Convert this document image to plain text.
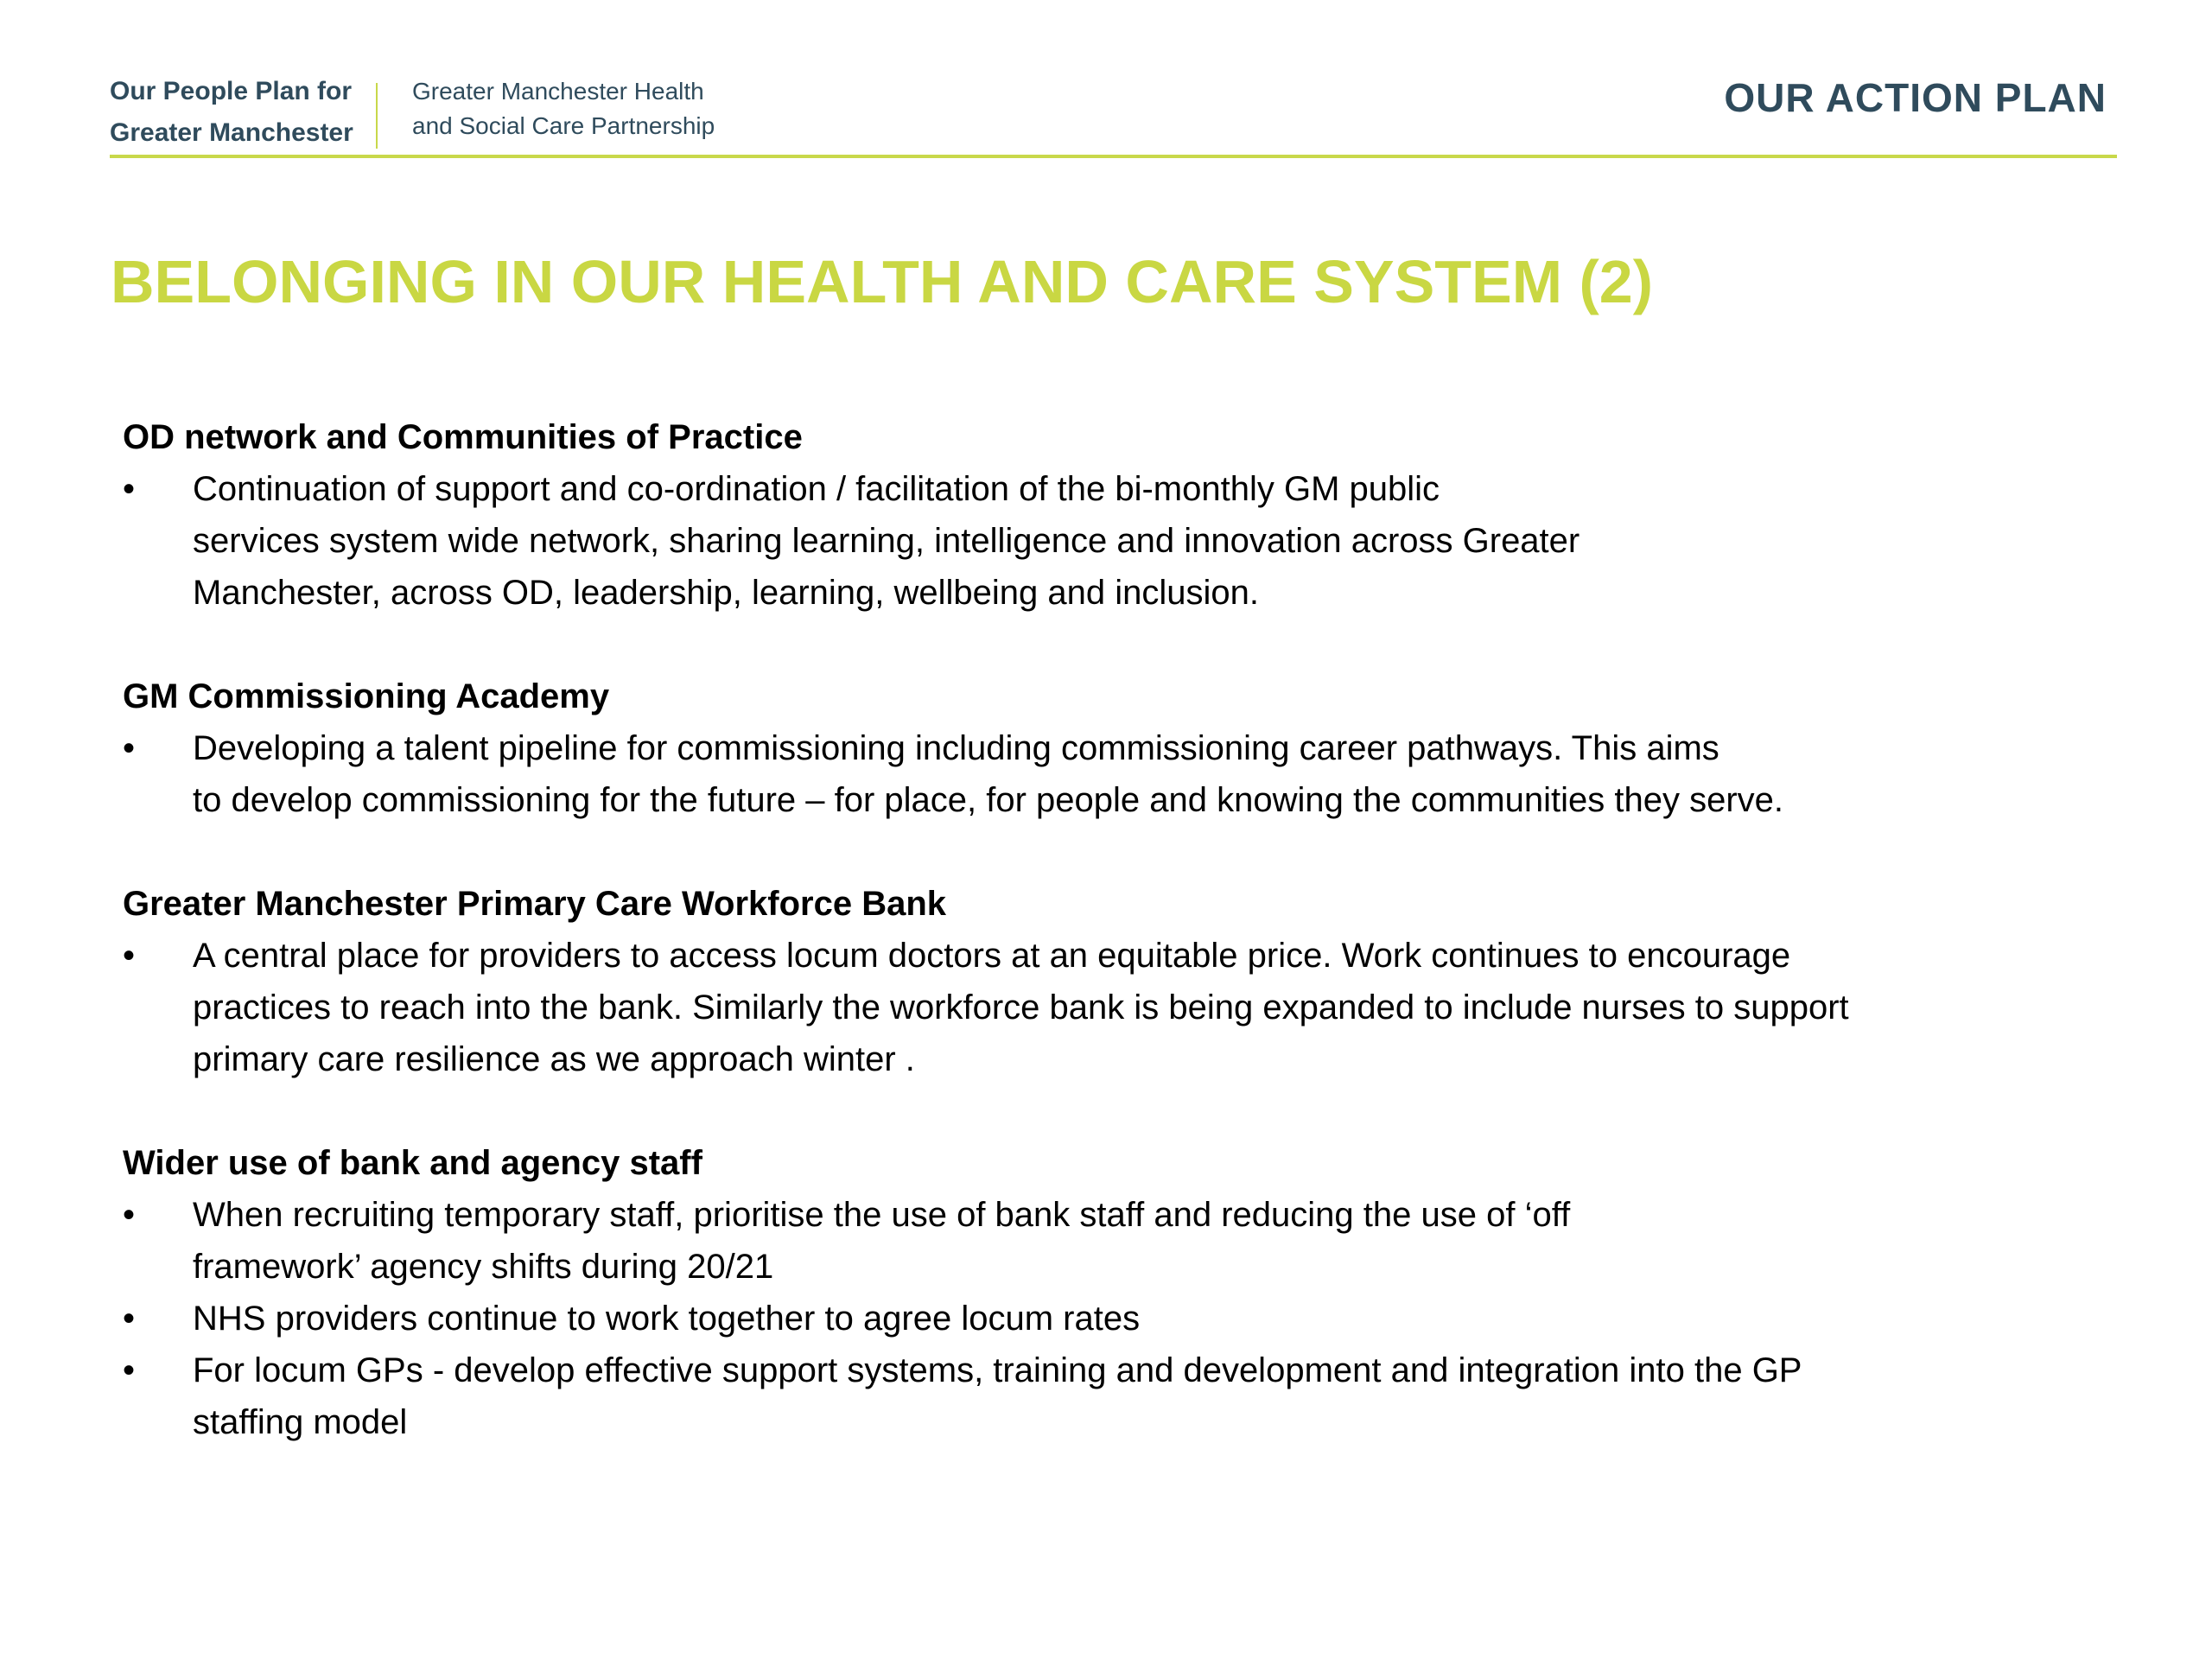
Our People Plan for
Greater Manchester
Greater Manchester Health
and Social Care Partnership
OUR ACTION PLAN
BELONGING IN OUR HEALTH AND CARE SYSTEM (2)
OD network and Communities of Practice
•	Continuation of support and co-ordination / facilitation of the bi-monthly GM public
services system wide network, sharing learning, intelligence and innovation across Greater
Manchester, across OD, leadership, learning, wellbeing and inclusion.
GM Commissioning Academy
•	Developing a talent pipeline for commissioning including commissioning career pathways. This aims
to develop commissioning for the future – for place, for people and knowing the communities they serve.
Greater Manchester Primary Care Workforce Bank
•	A central place for providers to access locum doctors at an equitable price. Work continues to encourage
practices to reach into the bank. Similarly the workforce bank is being expanded to include nurses to support
primary care resilience as we approach winter .
Wider use of bank and agency staff
•	When recruiting temporary staff, prioritise the use of bank staff and reducing the use of ‘off
framework’ agency shifts during 20/21
•	NHS providers continue to work together to agree locum rates
•	For locum GPs - develop effective support systems, training and development and integration into the GP
staffing model
